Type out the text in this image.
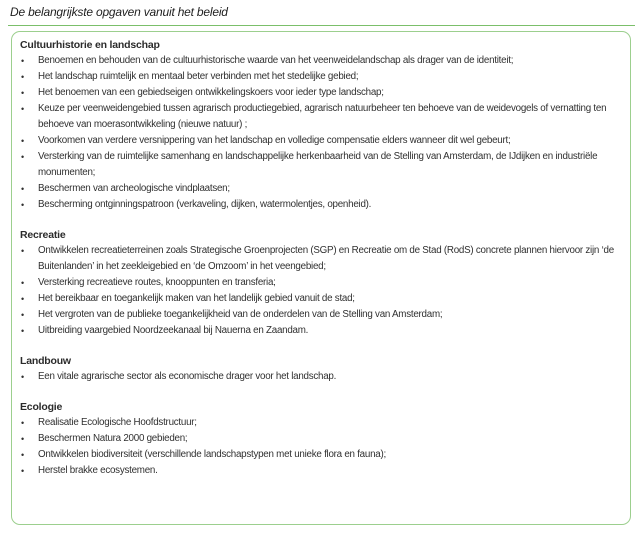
De belangrijkste opgaven vanuit het beleid
Cultuurhistorie en landschap
• Benoemen en behouden van de cultuurhistorische waarde van het veenweidelandschap als drager van de identiteit;
• Het landschap ruimtelijk en mentaal beter verbinden met het stedelijke gebied;
• Het benoemen van een gebiedseigen ontwikkelingskoers voor ieder type landschap;
• Keuze per veenweidengebied tussen agrarisch productiegebied, agrarisch natuurbeheer ten behoeve van de weidevogels of vernatting ten behoeve van moerasontwikkeling (nieuwe natuur) ;
• Voorkomen van verdere versnippering van het landschap en volledige compensatie elders wanneer dit wel gebeurt;
• Versterking van de ruimtelijke samenhang en landschappelijke herkenbaarheid van de Stelling van Amsterdam, de IJdijken en industriële monumenten;
• Beschermen van archeologische vindplaatsen;
• Bescherming ontginningspatroon (verkaveling, dijken, watermolentjes, openheid).
Recreatie
• Ontwikkelen recreatieterreinen zoals Strategische Groenprojecten (SGP) en Recreatie om de Stad (RodS) concrete plannen hiervoor zijn ‘de Buitenlanden’ in het zeekleigebied en ‘de Omzoom’ in het veengebied;
• Versterking recreatieve routes, knooppunten en transferia;
• Het bereikbaar en toegankelijk maken van het landelijk gebied vanuit de stad;
• Het vergroten van de publieke toegankelijkheid van de onderdelen van de Stelling van Amsterdam;
• Uitbreiding vaargebied Noordzeekanaal bij Nauerna en Zaandam.
Landbouw
• Een vitale agrarische sector als economische drager voor het landschap.
Ecologie
• Realisatie Ecologische Hoofdstructuur;
• Beschermen Natura 2000 gebieden;
• Ontwikkelen biodiversiteit (verschillende landschapstypen met unieke flora en fauna);
• Herstel brakke ecosystemen.
